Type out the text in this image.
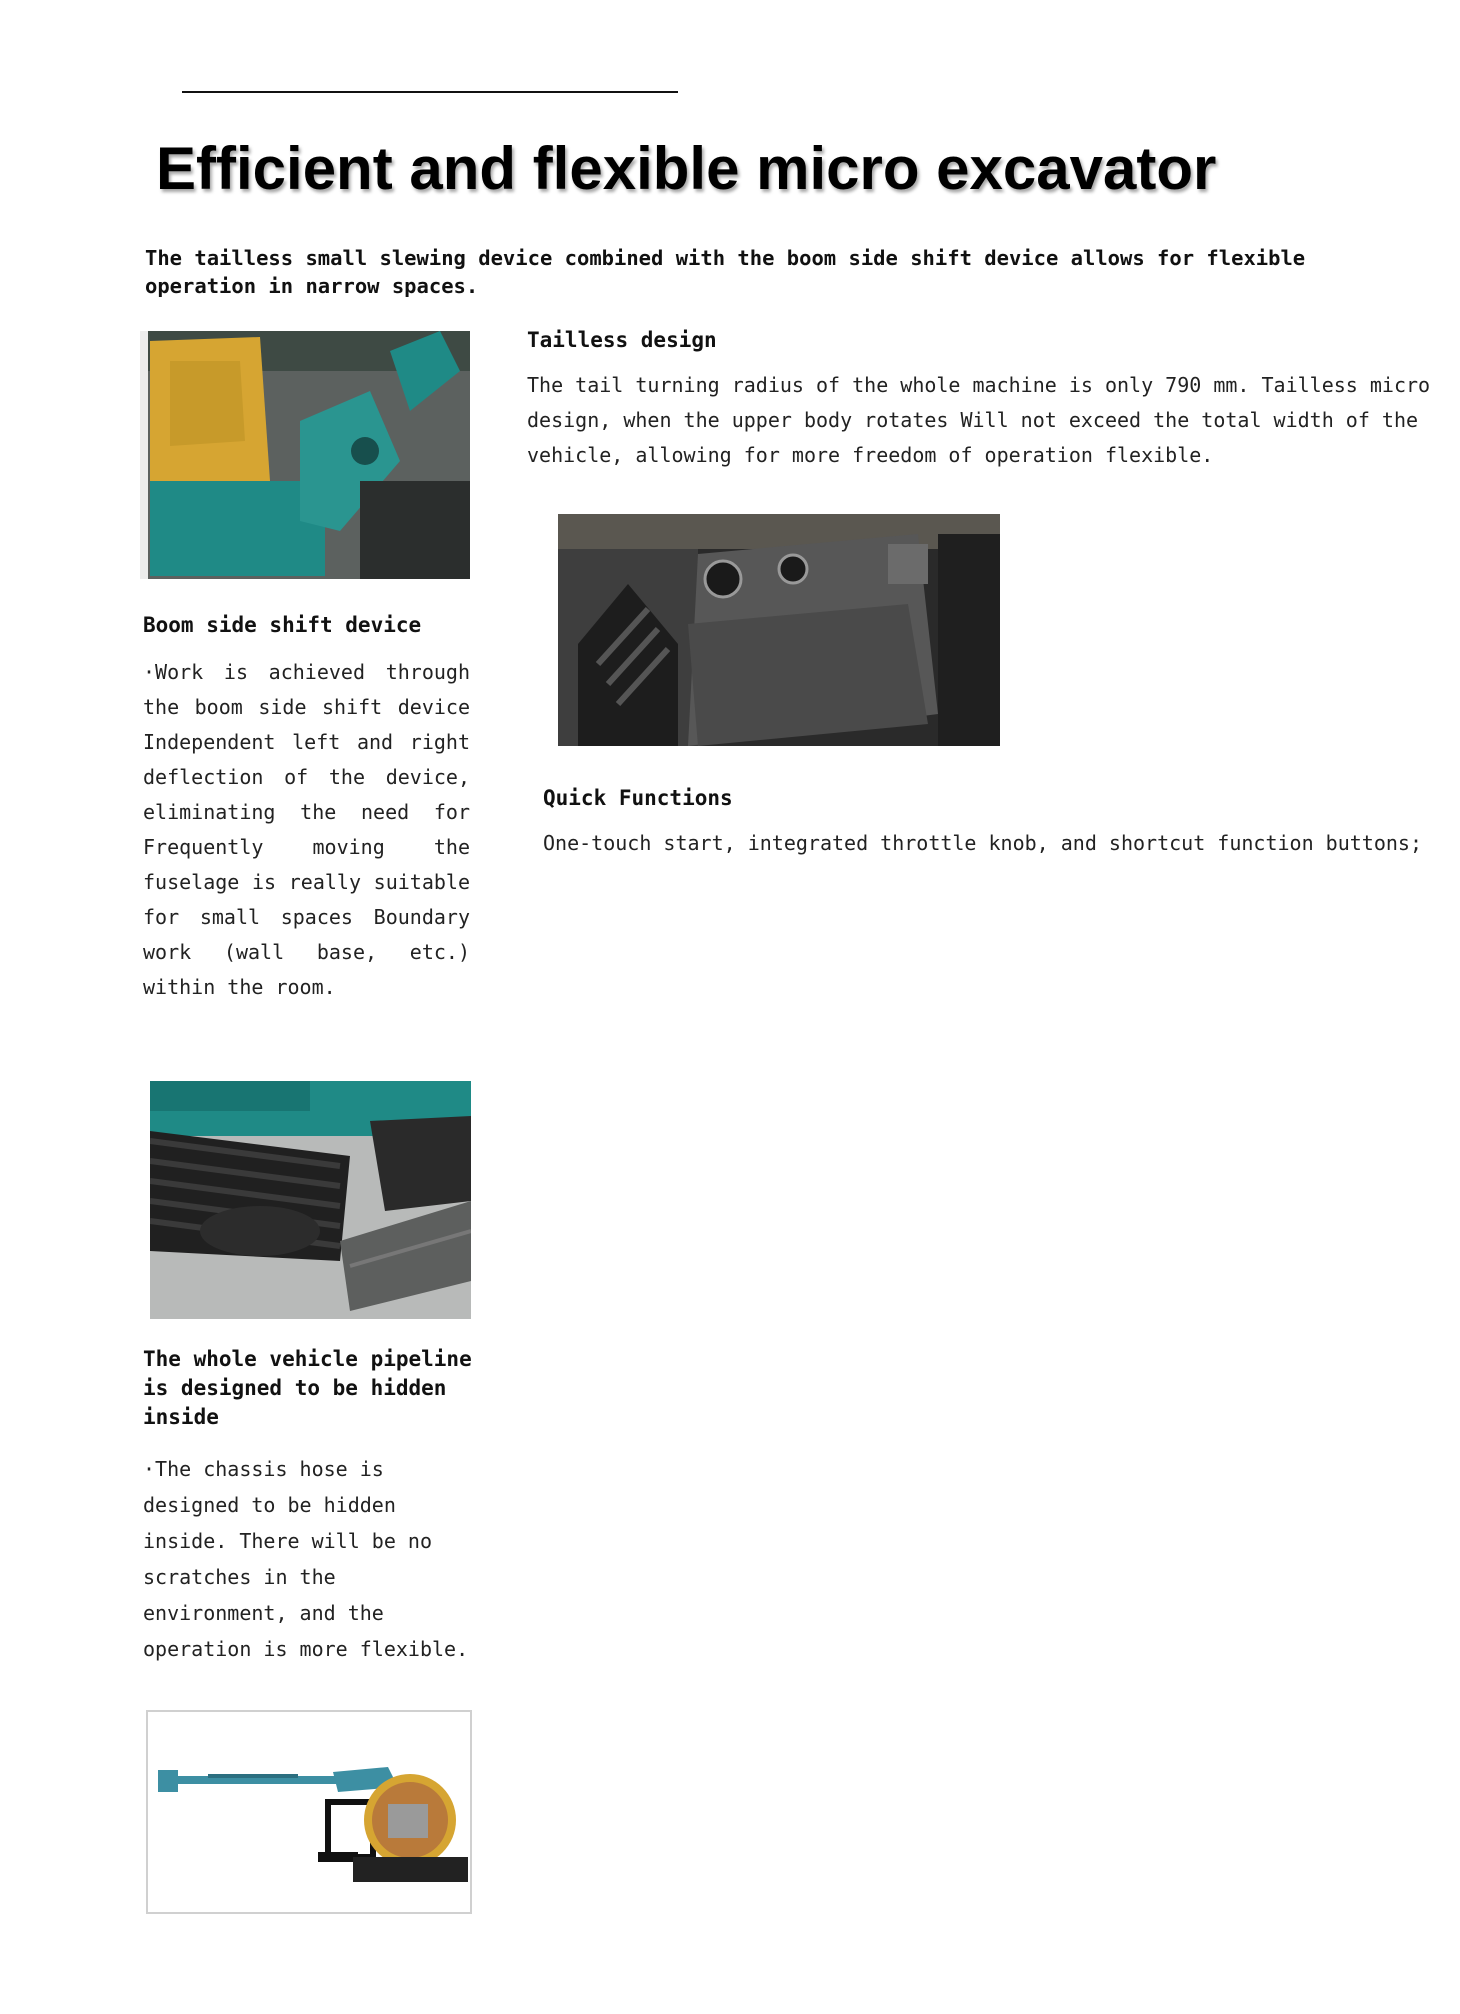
Efficient and flexible micro excavator
The tailless small slewing device combined with the boom side shift device allows for flexible operation in narrow spaces.
Boom side shift device
·Work is achieved through the boom side shift device Independent left and right deflection of the device, eliminating the need for Frequently moving the fuselage is really suitable for small spaces Boundary work (wall base, etc.) within the room.
Tailless design
The tail turning radius of the whole machine is only 790 mm. Tailless micro design, when the upper body rotates Will not exceed the total width of the vehicle, allowing for more freedom of operation flexible.
Quick Functions
One-touch start, integrated throttle knob, and shortcut function buttons;
The whole vehicle pipeline is designed to be hidden inside
·The chassis hose is designed to be hidden inside. There will be no scratches in the environment, and the operation is more flexible.
